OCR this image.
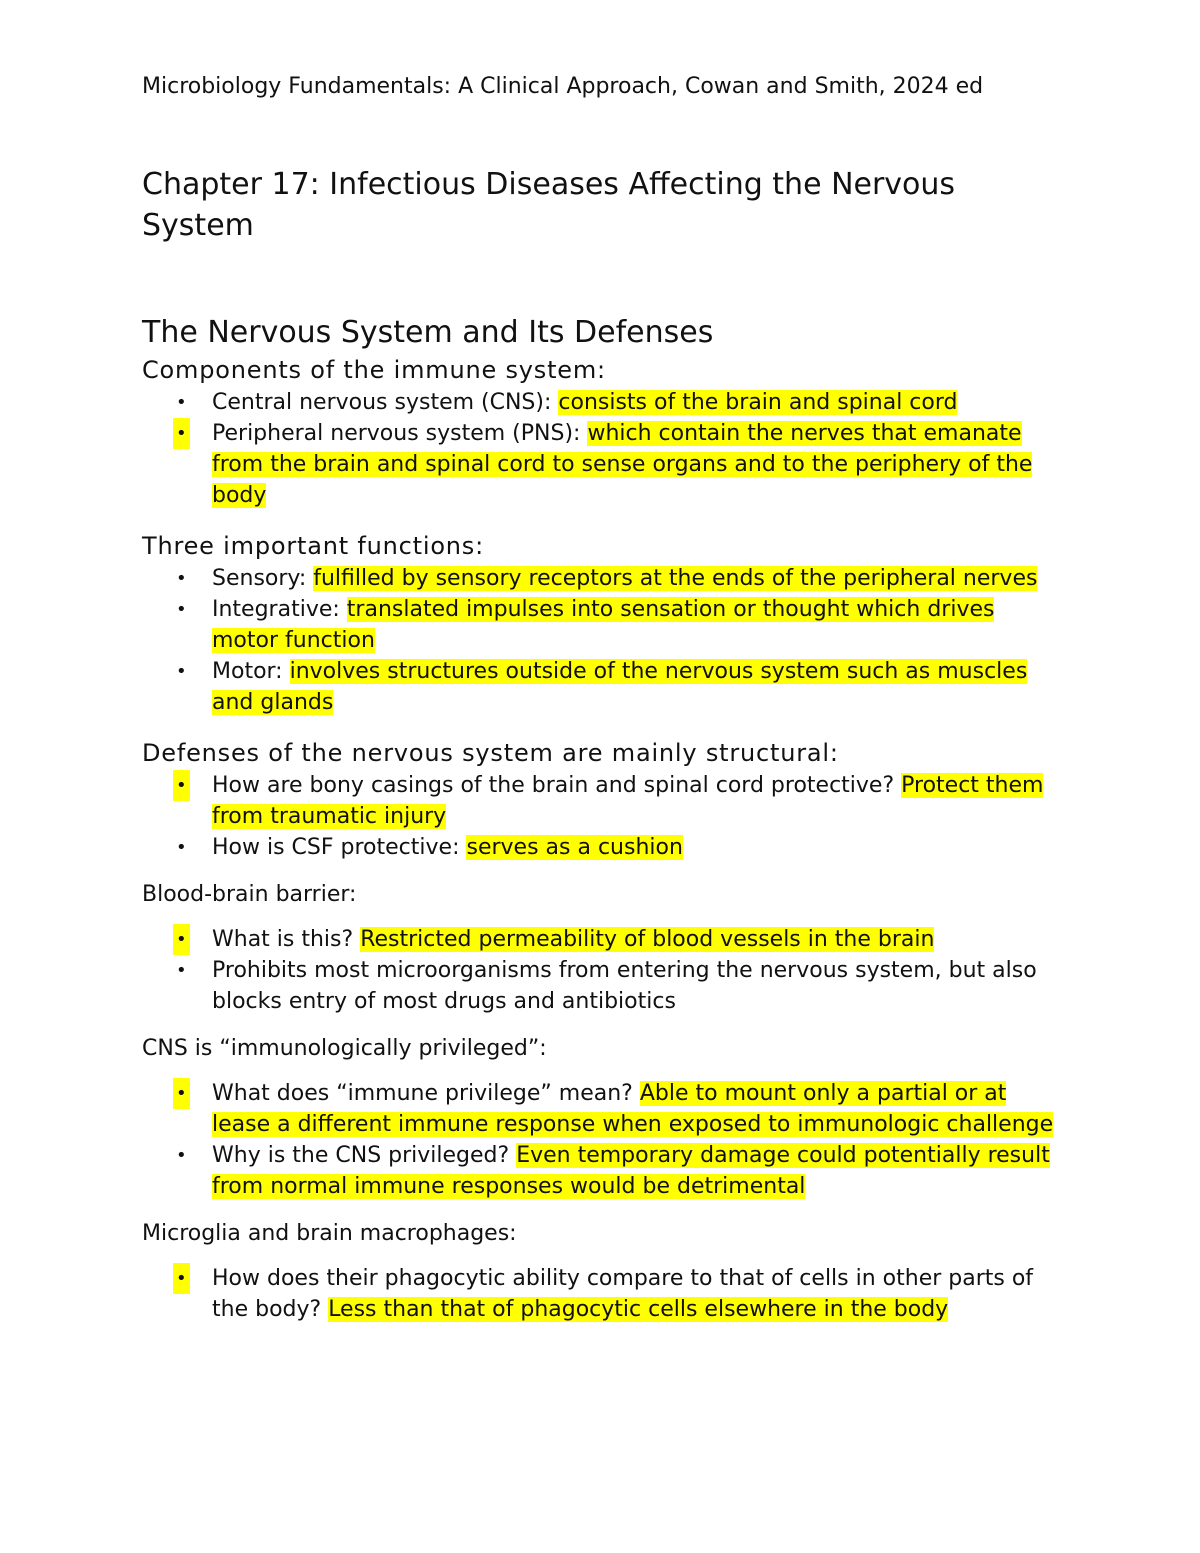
Microbiology Fundamentals: A Clinical Approach, Cowan and Smith, 2024 ed

Chapter 17: Infectious Diseases Affecting the Nervous System
The Nervous System and Its Defenses
Components of the immune system:
• Central nervous system (CNS): consists of the brain and spinal cord
• Peripheral nervous system (PNS): which contain the nerves that emanate from the brain and spinal cord to sense organs and to the periphery of the body
Three important functions:
• Sensory: fulfilled by sensory receptors at the ends of the peripheral nerves
• Integrative: translated impulses into sensation or thought which drives motor function
• Motor: involves structures outside of the nervous system such as muscles and glands
Defenses of the nervous system are mainly structural:
• How are bony casings of the brain and spinal cord protective? Protect them from traumatic injury
• How is CSF protective: serves as a cushion

Blood-brain barrier:

• What is this? Restricted permeability of blood vessels in the brain
• Prohibits most microorganisms from entering the nervous system, but also blocks entry of most drugs and antibiotics

CNS is “immunologically privileged”:

• What does “immune privilege” mean? Able to mount only a partial or at lease a different immune response when exposed to immunologic challenge
• Why is the CNS privileged? Even temporary damage could potentially result from normal immune responses would be detrimental

Microglia and brain macrophages:

• How does their phagocytic ability compare to that of cells in other parts of the body? Less than that of phagocytic cells elsewhere in the body
